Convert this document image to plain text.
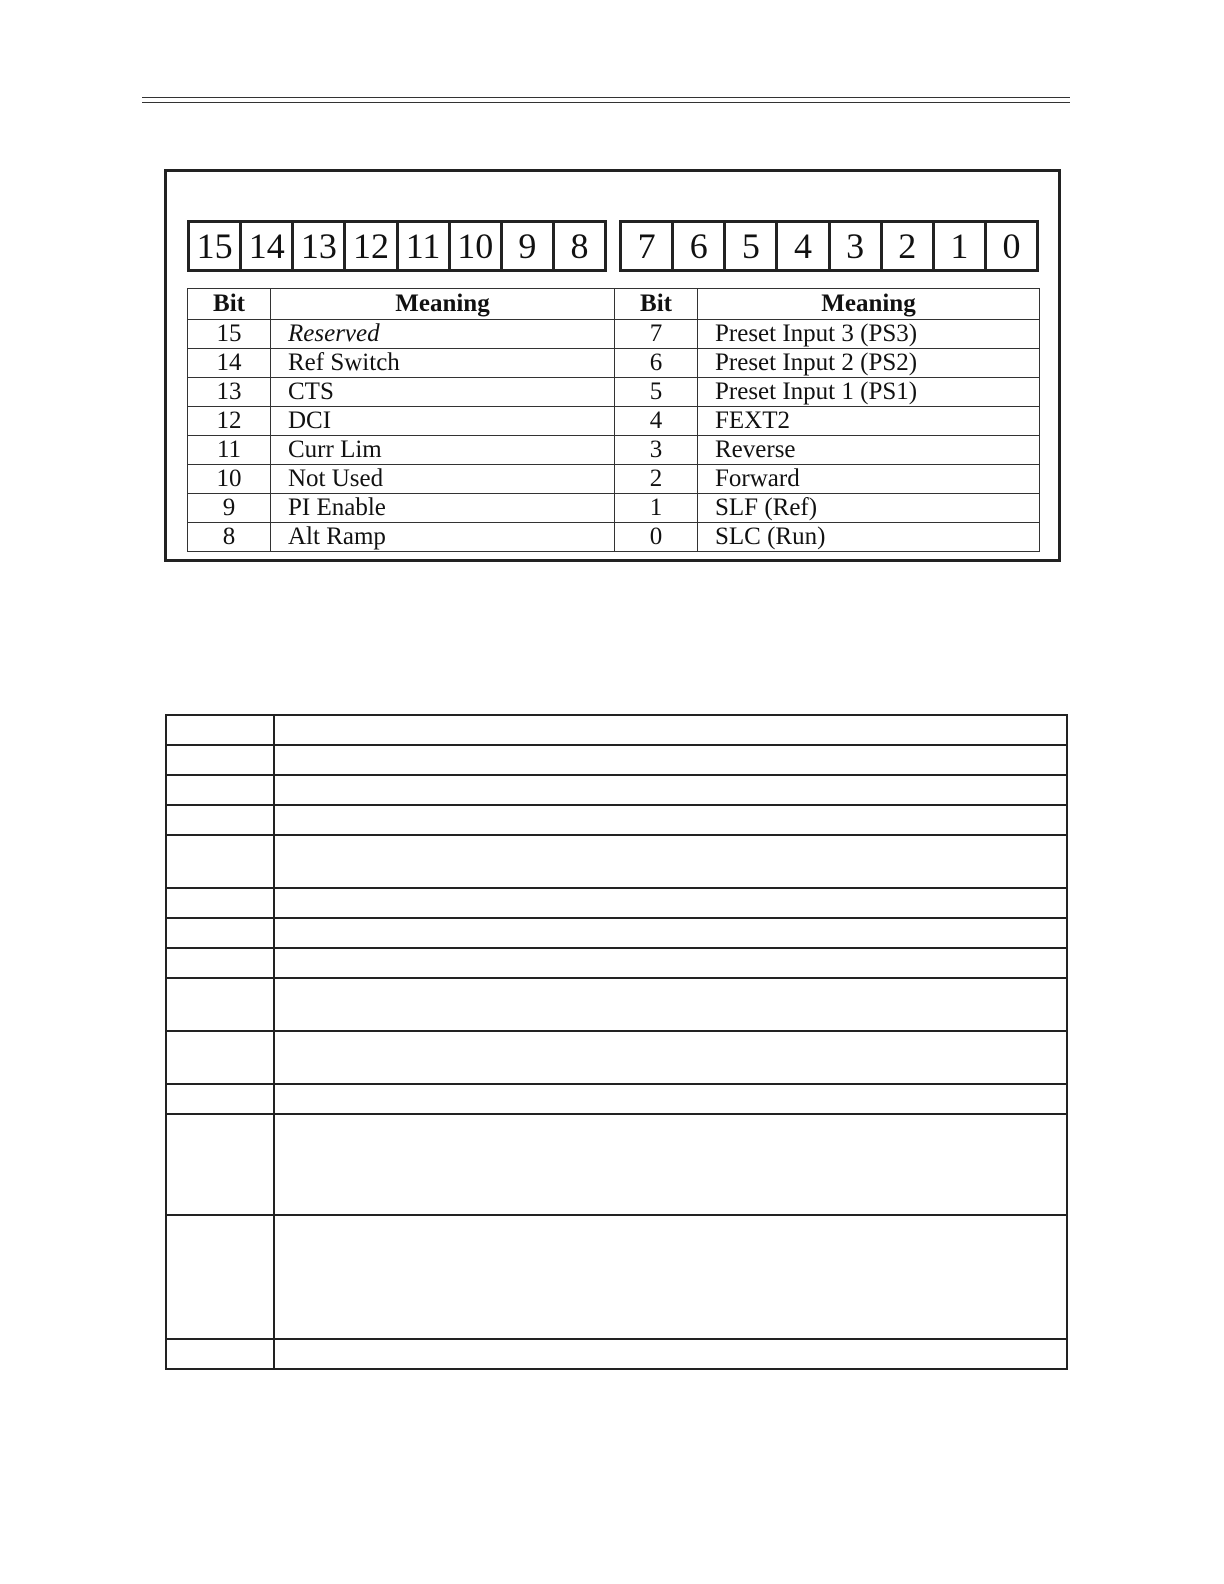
15 14 13 12 11 10 9 8	7 6 5 4 3 2 1 0
Bit	Meaning	Bit	Meaning
15	Reserved	7	Preset Input 3 (PS3)
14	Ref Switch	6	Preset Input 2 (PS2)
13	CTS	5	Preset Input 1 (PS1)
12	DCI	4	FEXT2
11	Curr Lim	3	Reverse
10	Not Used	2	Forward
9	PI Enable	1	SLF (Ref)
8	Alt Ramp	0	SLC (Run)
